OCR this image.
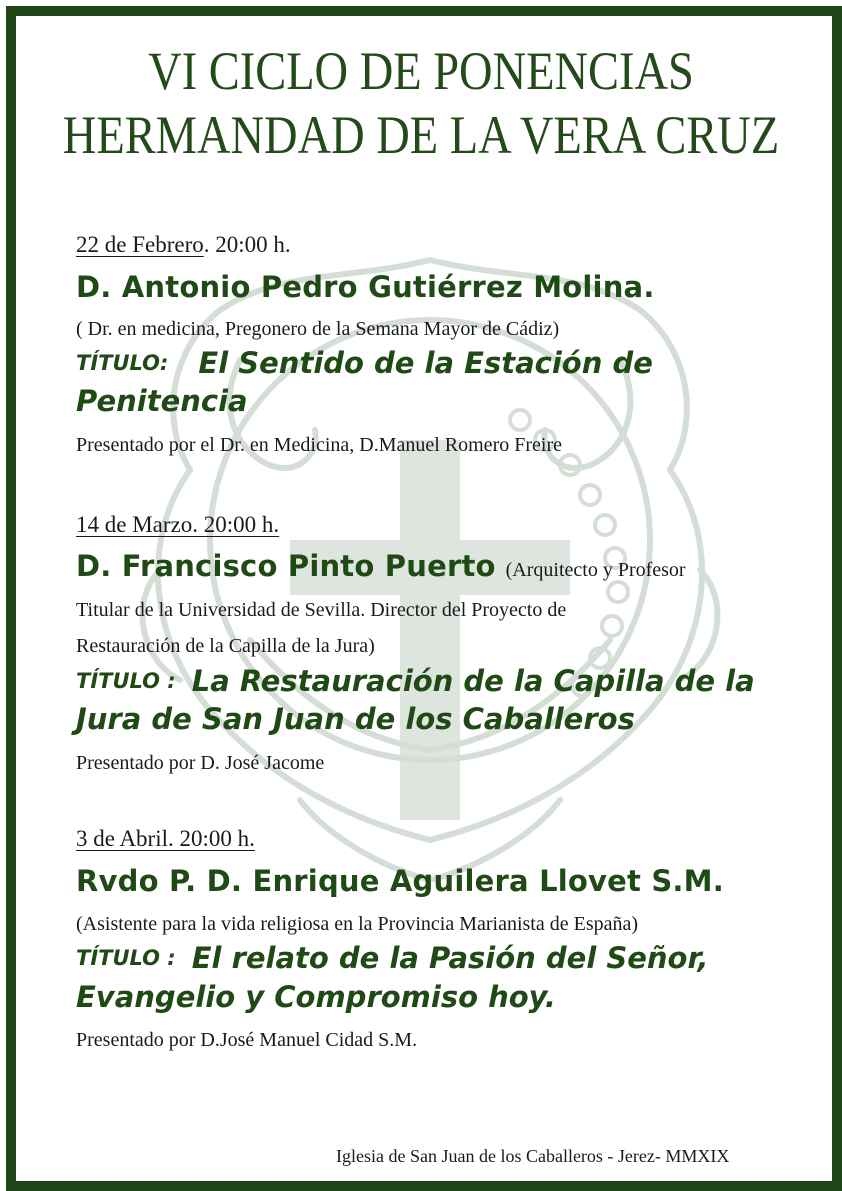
VI CICLO DE PONENCIAS
HERMANDAD DE LA VERA CRUZ
22 de Febrero. 20:00 h.
D. Antonio Pedro Gutiérrez Molina.
( Dr. en medicina, Pregonero de la Semana Mayor de Cádiz)
TÍTULO: El Sentido de la Estación de
Penitencia
Presentado por el Dr. en Medicina, D.Manuel Romero Freire
14 de Marzo. 20:00 h.
D. Francisco Pinto Puerto (Arquitecto y Profesor
Titular de la Universidad de Sevilla. Director del Proyecto de
Restauración de la Capilla de la Jura)
TÍTULO : La Restauración de la Capilla de la
Jura de San Juan de los Caballeros
Presentado por D. José Jacome
3 de Abril. 20:00 h.
Rvdo P. D. Enrique Aguilera Llovet S.M.
(Asistente para la vida religiosa en la Provincia Marianista de España)
TÍTULO : El relato de la Pasión del Señor,
Evangelio y Compromiso hoy.
Presentado por D.José Manuel Cidad S.M.
Iglesia de San Juan de los Caballeros - Jerez- MMXIX
